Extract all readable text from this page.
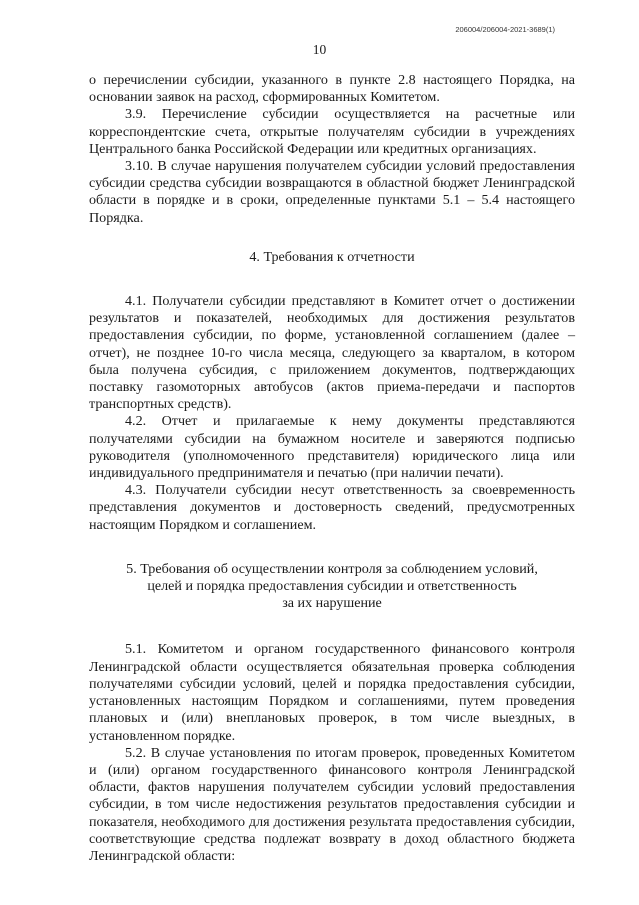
206004/206004-2021-3689(1)
10

о перечислении субсидии, указанного в пункте 2.8 настоящего Порядка, на основании заявок на расход, сформированных Комитетом.

3.9. Перечисление субсидии осуществляется на расчетные или корреспондентские счета, открытые получателям субсидии в учреждениях Центрального банка Российской Федерации или кредитных организациях.

3.10. В случае нарушения получателем субсидии условий предоставления субсидии средства субсидии возвращаются в областной бюджет Ленинградской области в порядке и в сроки, определенные пунктами 5.1 – 5.4 настоящего Порядка.

4. Требования к отчетности

4.1. Получатели субсидии представляют в Комитет отчет о достижении результатов и показателей, необходимых для достижения результатов предоставления субсидии, по форме, установленной соглашением (далее – отчет), не позднее 10-го числа месяца, следующего за кварталом, в котором была получена субсидия, с приложением документов, подтверждающих поставку газомоторных автобусов (актов приема-передачи и паспортов транспортных средств).

4.2. Отчет и прилагаемые к нему документы представляются получателями субсидии на бумажном носителе и заверяются подписью руководителя (уполномоченного представителя) юридического лица или индивидуального предпринимателя и печатью (при наличии печати).

4.3. Получатели субсидии несут ответственность за своевременность представления документов и достоверность сведений, предусмотренных настоящим Порядком и соглашением.

5. Требования об осуществлении контроля за соблюдением условий,
целей и порядка предоставления субсидии и ответственность
за их нарушение

5.1. Комитетом и органом государственного финансового контроля Ленинградской области осуществляется обязательная проверка соблюдения получателями субсидии условий, целей и порядка предоставления субсидии, установленных настоящим Порядком и соглашениями, путем проведения плановых и (или) внеплановых проверок, в том числе выездных, в установленном порядке.

5.2. В случае установления по итогам проверок, проведенных Комитетом и (или) органом государственного финансового контроля Ленинградской области, фактов нарушения получателем субсидии условий предоставления субсидии, в том числе недостижения результатов предоставления субсидии и показателя, необходимого для достижения результата предоставления субсидии, соответствующие средства подлежат возврату в доход областного бюджета Ленинградской области:
